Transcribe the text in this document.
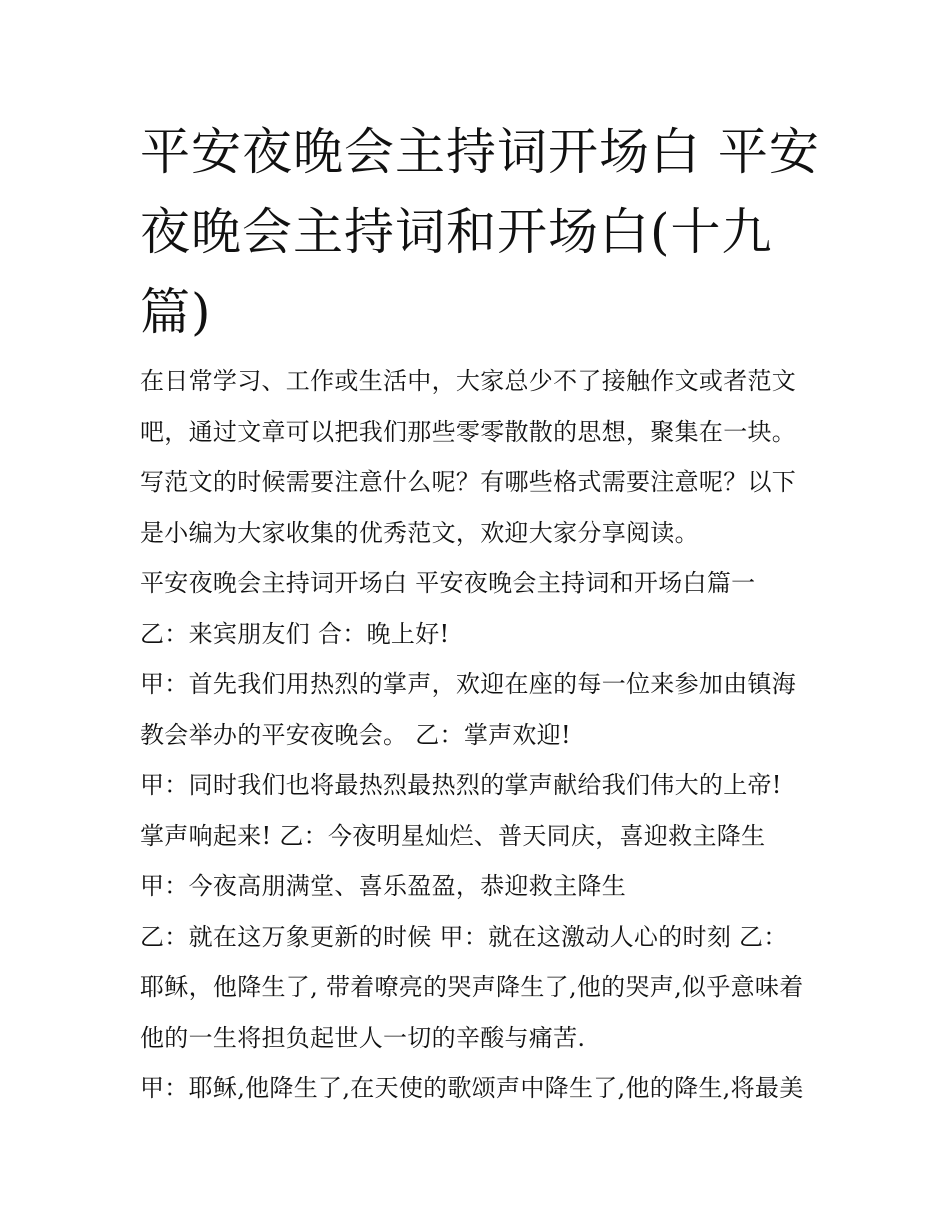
平安夜晚会主持词开场白 平安夜晚会主持词和开场白(十九篇)

在日常学习、工作或生活中，大家总少不了接触作文或者范文

吧，通过文章可以把我们那些零零散散的思想，聚集在一块。

写范文的时候需要注意什么呢？有哪些格式需要注意呢？以下

是小编为大家收集的优秀范文，欢迎大家分享阅读。

平安夜晚会主持词开场白 平安夜晚会主持词和开场白篇一

乙：来宾朋友们 合：晚上好!

甲：首先我们用热烈的掌声，欢迎在座的每一位来参加由镇海

教会举办的平安夜晚会。 乙：掌声欢迎!

甲：同时我们也将最热烈最热烈的掌声献给我们伟大的上帝!

掌声响起来! 乙：今夜明星灿烂、普天同庆，喜迎救主降生

甲：今夜高朋满堂、喜乐盈盈，恭迎救主降生

乙：就在这万象更新的时候 甲：就在这激动人心的时刻 乙：

耶稣，他降生了, 带着嘹亮的哭声降生了,他的哭声,似乎意味着

他的一生将担负起世人一切的辛酸与痛苦.

甲：耶稣,他降生了,在天使的歌颂声中降生了,他的降生,将最美
